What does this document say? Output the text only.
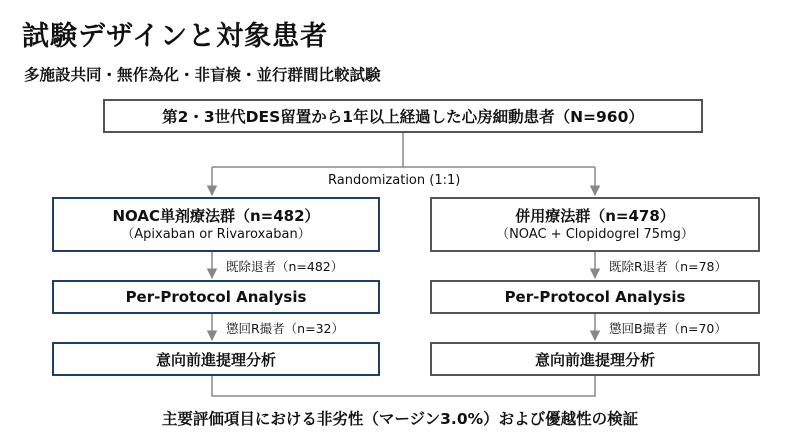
試験デザインと対象患者
多施設共同・無作為化・非盲検・並行群間比較試験
第2・3世代DES留置から1年以上経過した心房細動患者（N=960）
Randomization (1:1)
NOAC単剤療法群（n=482）
（Apixaban or Rivaroxaban）
既除退者（n=482）
Per-Protocol Analysis
懲回R撮者（n=32）
意向前進提理分析
併用療法群（n=478）
（NOAC + Clopidogrel 75mg）
既除R退者（n=78）
Per-Protocol Analysis
懲回B撮者（n=70）
意向前進提理分析
主要評価項目における非劣性（マージン3.0%）および優越性の検証
